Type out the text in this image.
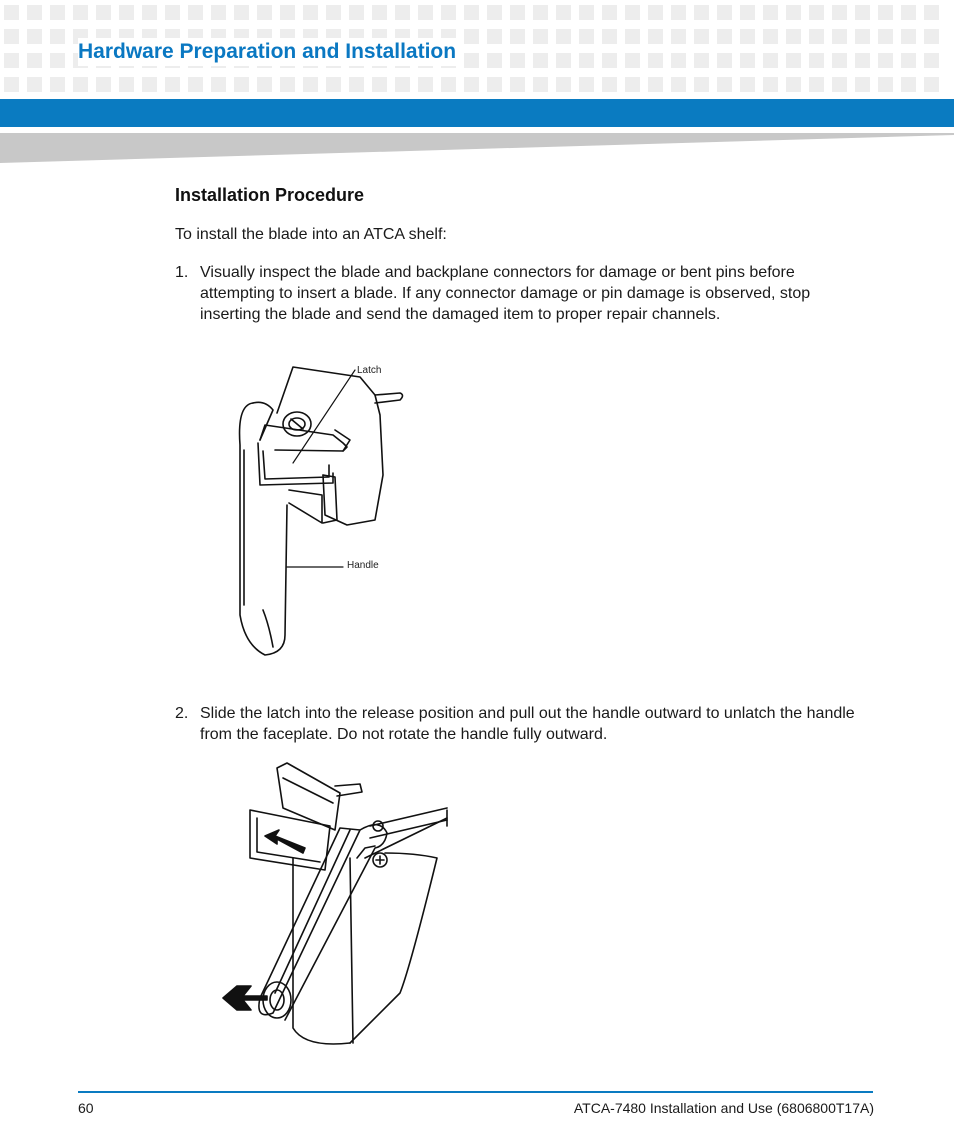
Hardware Preparation and Installation
Installation Procedure

To install the blade into an ATCA shelf:

1. Visually inspect the blade and backplane connectors for damage or bent pins before attempting to insert a blade. If any connector damage or pin damage is observed, stop inserting the blade and send the damaged item to proper repair channels.
Latch
Handle
2. Slide the latch into the release position and pull out the handle outward to unlatch the handle from the faceplate. Do not rotate the handle fully outward.
60	ATCA-7480 Installation and Use (6806800T17A)
